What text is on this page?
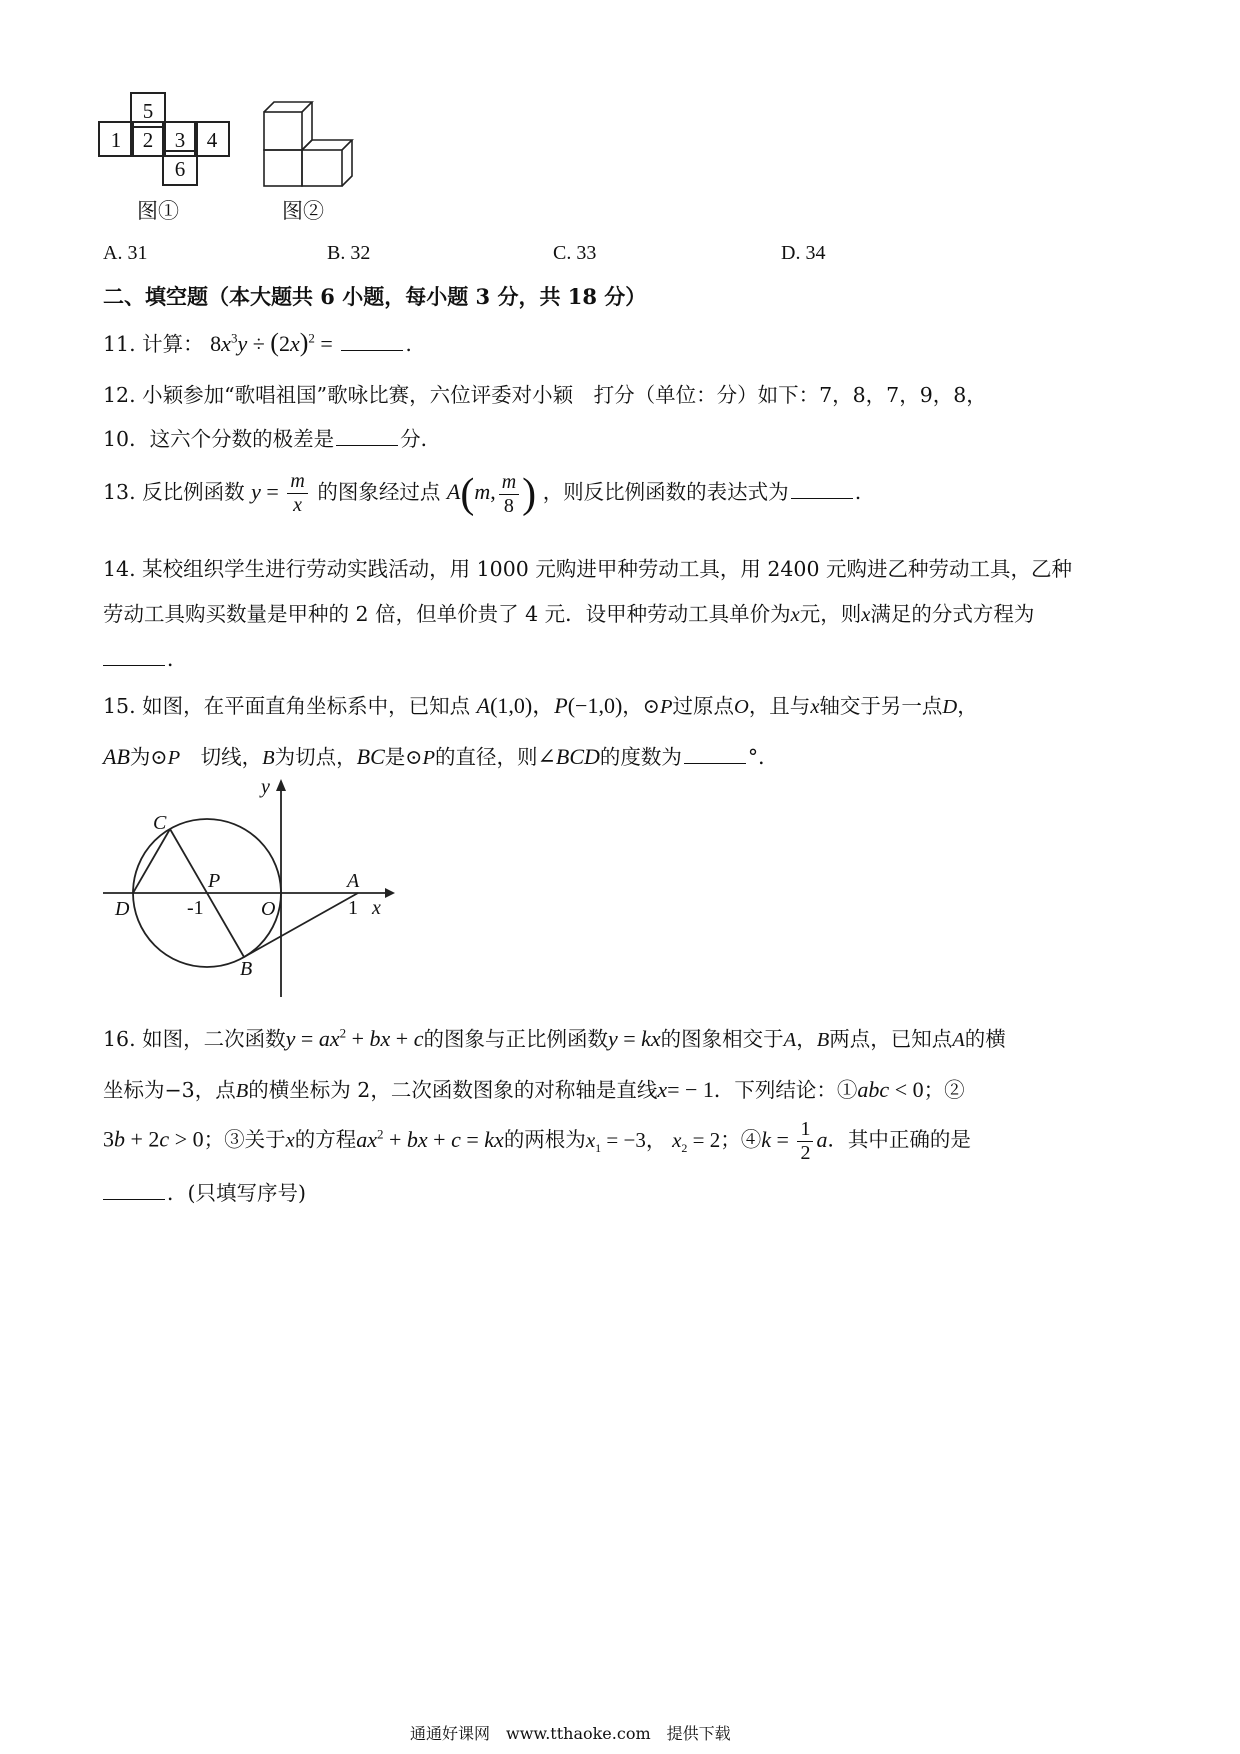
5
1	2	3	4
6
图①	图②
A. 31	B. 32	C. 33	D. 34
二、填空题（本大题共 6 小题，每小题 3 分，共 18 分）
11. 计算： $8x^3y \div (2x)^2$ =	.
12. 小颖参加“歌唱祖国”歌咏比赛，六位评委对小颖　打分（单位：分）如下：7，8，7，9，8，
10．这六个分数的极差是	分．
13. 反比例函数 $y = \frac{m}{x}$ 的图象经过点 A(m, $\frac{m}{8}$ ) ，则反比例函数的表达式为	.
14. 某校组织学生进行劳动实践活动，用 1000 元购进甲种劳动工具，用 2400 元购进乙种劳动工具，乙种
劳动工具购买数量是甲种的 2 倍，但单价贵了 4 元．设甲种劳动工具单价为x元，则x满足的分式方程为
．
15. 如图，在平面直角坐标系中，已知点 A(1,0)，P(−1,0)，⊙P过原点O，且与x轴交于另一点D，
AB为⊙P　切线，B为切点，BC是⊙P的直径，则∠BCD的度数为	°．
C
P	A
D	-1	O	1 x
y
B
16. 如图，二次函数$y = ax^2$ + bx + c的图象与正比例函数y = kx的图象相交于A，B两点，已知点A的横
坐标为−3，点B的横坐标为 2，二次函数图象的对称轴是直线x= − 1．下列结论：①abc < 0；②
3b + 2c > 0；③关于x的方程$ax^2$ + bx + c = kx的两根为$x_1 = -3$， $x_2 = 2$；④k = $\frac{1}{2}$ a．其中正确的是
．(只填写序号)
通通好课网　www.tthaoke.com　提供下载
